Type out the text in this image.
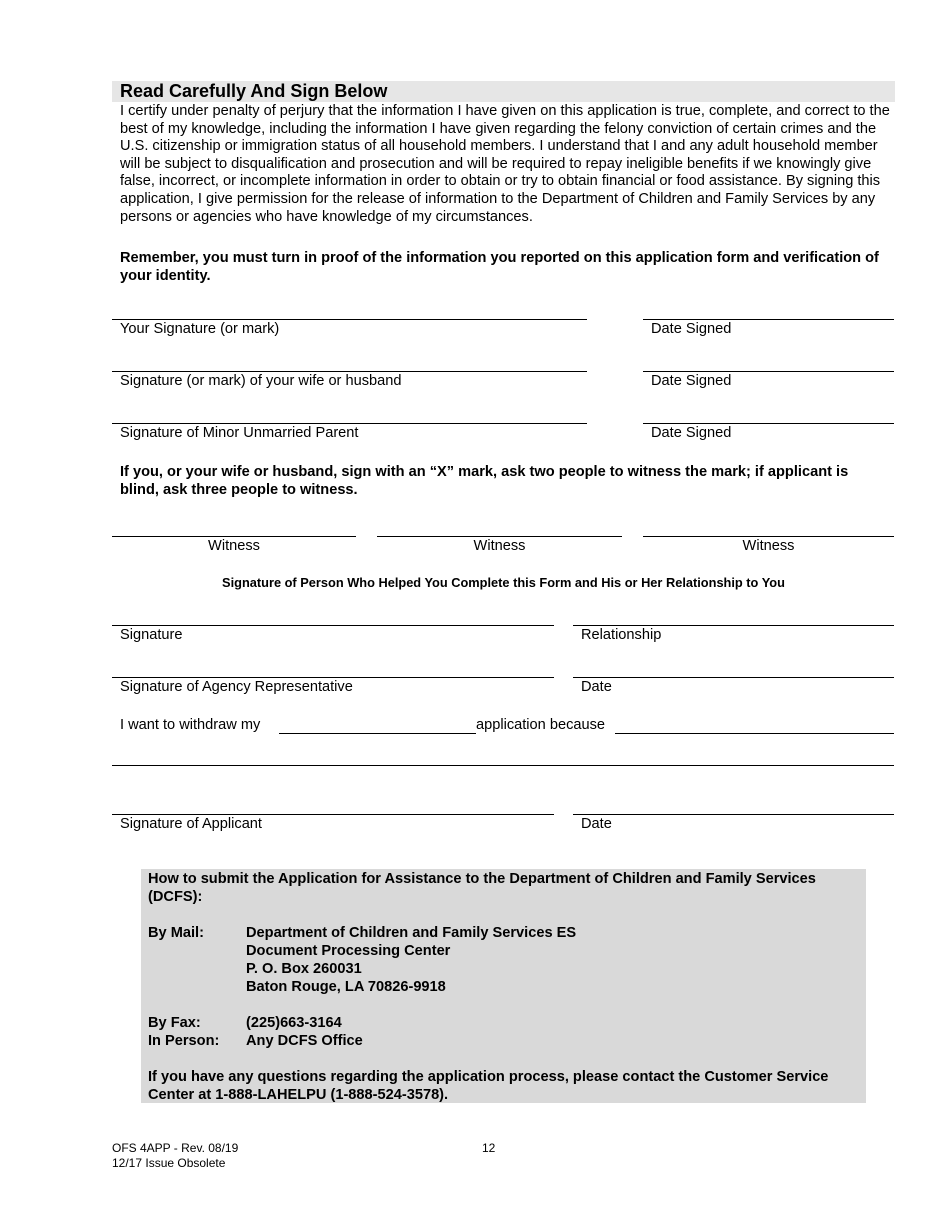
Read Carefully And Sign Below
I certify under penalty of perjury that the information I have given on this application is true, complete, and correct to the best of my knowledge, including the information I have given regarding the felony conviction of certain crimes and the U.S. citizenship or immigration status of all household members. I understand that I and any adult household member will be subject to disqualification and prosecution and will be required to repay ineligible benefits if we knowingly give false, incorrect, or incomplete information in order to obtain or try to obtain financial or food assistance. By signing this application, I give permission for the release of information to the Department of Children and Family Services by any persons or agencies who have knowledge of my circumstances.
Remember, you must turn in proof of the information you reported on this application form and verification of your identity.
Your Signature (or mark)	Date Signed
Signature (or mark) of your wife or husband	Date Signed
Signature of Minor Unmarried Parent	Date Signed
If you, or your wife or husband, sign with an “X” mark, ask two people to witness the mark; if applicant is blind, ask three people to witness.
Witness	Witness	Witness
Signature of Person Who Helped You Complete this Form and His or Her Relationship to You
Signature	Relationship
Signature of Agency Representative	Date
I want to withdraw my	application because
Signature of Applicant	Date
How to submit the Application for Assistance to the Department of Children and Family Services (DCFS):
By Mail:	Department of Children and Family Services ES
Document Processing Center
P. O. Box 260031
Baton Rouge, LA 70826-9918
By Fax:	(225)663-3164
In Person: Any DCFS Office
If you have any questions regarding the application process, please contact the Customer Service Center at 1-888-LAHELPU (1-888-524-3578).
OFS 4APP - Rev. 08/19
12/17 Issue Obsolete
12
